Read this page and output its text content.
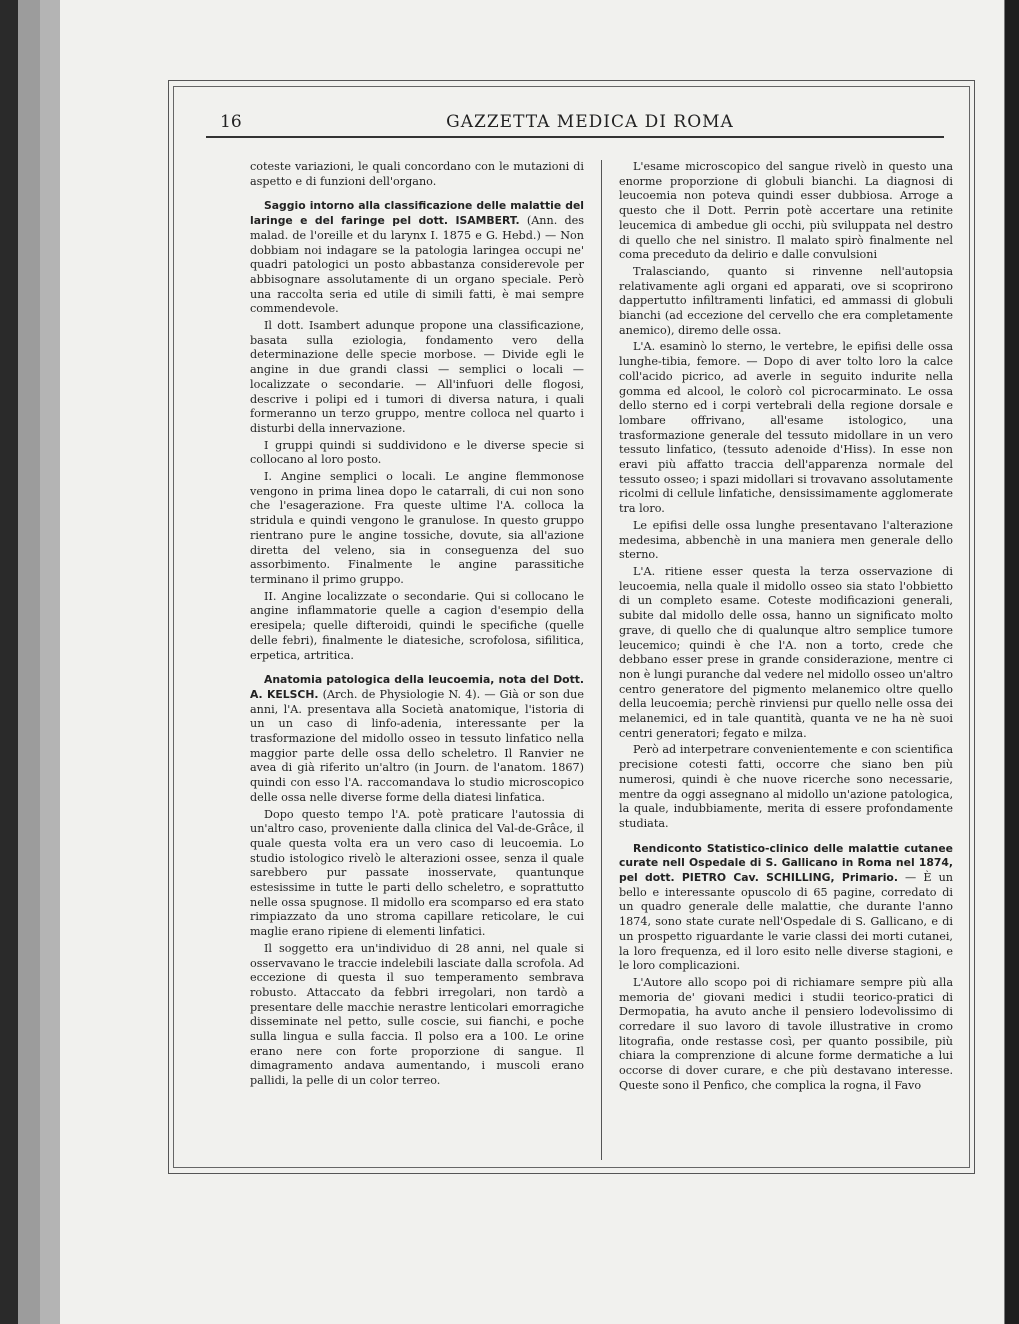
16	GAZZETTA MEDICA DI ROMA

coteste variazioni, le quali concordano con le mutazioni di aspetto e di funzioni dell'organo.

Saggio intorno alla classificazione delle malattie del laringe e del faringe pel dott. ISAMBERT. (Ann. des malad. de l'oreille et du larynx I. 1875 e G. Hebd.) — Non dobbiam noi indagare se la patologia laringea occupi ne' quadri patologici un posto abbastanza considerevole per abbisognare assolutamente di un organo speciale. Però una raccolta seria ed utile di simili fatti, è mai sempre commendevole.

Il dott. Isambert adunque propone una classificazione, basata sulla eziologia, fondamento vero della determinazione delle specie morbose. — Divide egli le angine in due grandi classi — semplici o locali — localizzate o secondarie. — All'infuori delle flogosi, descrive i polipi ed i tumori di diversa natura, i quali formeranno un terzo gruppo, mentre colloca nel quarto i disturbi della innervazione.

I gruppi quindi si suddividono e le diverse specie si collocano al loro posto.

I. Angine semplici o locali. Le angine flemmonose vengono in prima linea dopo le catarrali, di cui non sono che l'esagerazione. Fra queste ultime l'A. colloca la stridula e quindi vengono le granulose. In questo gruppo rientrano pure le angine tossiche, dovute, sia all'azione diretta del veleno, sia in conseguenza del suo assorbimento. Finalmente le angine parassitiche terminano il primo gruppo.

II. Angine localizzate o secondarie. Qui si collocano le angine inflammatorie quelle a cagion d'esempio della eresipela; quelle difteroidi, quindi le specifiche (quelle delle febri), finalmente le diatesiche, scrofolosa, sifilitica, erpetica, artritica.

Anatomia patologica della leucoemia, nota del Dott. A. KELSCH. (Arch. de Physiologie N. 4). — Già or son due anni, l'A. presentava alla Società anatomique, l'istoria di un un caso di linfo-adenia, interessante per la trasformazione del midollo osseo in tessuto linfatico nella maggior parte delle ossa dello scheletro. Il Ranvier ne avea di già riferito un'altro (in Journ. de l'anatom. 1867) quindi con esso l'A. raccomandava lo studio microscopico delle ossa nelle diverse forme della diatesi linfatica.

Dopo questo tempo l'A. potè praticare l'autossia di un'altro caso, proveniente dalla clinica del Val-de-Grâce, il quale questa volta era un vero caso di leucoemia. Lo studio istologico rivelò le alterazioni ossee, senza il quale sarebbero pur passate inosservate, quantunque estesissime in tutte le parti dello scheletro, e soprattutto nelle ossa spugnose. Il midollo era scomparso ed era stato rimpiazzato da uno stroma capillare reticolare, le cui maglie erano ripiene di elementi linfatici.

Il soggetto era un'individuo di 28 anni, nel quale si osservavano le traccie indelebili lasciate dalla scrofola. Ad eccezione di questa il suo temperamento sembrava robusto. Attaccato da febbri irregolari, non tardò a presentare delle macchie nerastre lenticolari emorragiche disseminate nel petto, sulle coscie, sui fianchi, e poche sulla lingua e sulla faccia. Il polso era a 100. Le orine erano nere con forte proporzione di sangue. Il dimagramento andava aumentando, i muscoli erano pallidi, la pelle di un color terreo.

L'esame microscopico del sangue rivelò in questo una enorme proporzione di globuli bianchi. La diagnosi di leucoemia non poteva quindi esser dubbiosa. Arroge a questo che il Dott. Perrin potè accertare una retinite leucemica di ambedue gli occhi, più sviluppata nel destro di quello che nel sinistro. Il malato spirò finalmente nel coma preceduto da delirio e dalle convulsioni

Tralasciando, quanto si rinvenne nell'autopsia relativamente agli organi ed apparati, ove si scoprirono dappertutto infiltramenti linfatici, ed ammassi di globuli bianchi (ad eccezione del cervello che era completamente anemico), diremo delle ossa.

L'A. esaminò lo sterno, le vertebre, le epifisi delle ossa lunghe-tibia, femore. — Dopo di aver tolto loro la calce coll'acido picrico, ad averle in seguito indurite nella gomma ed alcool, le colorò col picrocarminato. Le ossa dello sterno ed i corpi vertebrali della regione dorsale e lombare offrivano, all'esame istologico, una trasformazione generale del tessuto midollare in un vero tessuto linfatico, (tessuto adenoide d'Hiss). In esse non eravi più affatto traccia dell'apparenza normale del tessuto osseo; i spazi midollari si trovavano assolutamente ricolmi di cellule linfatiche, densissimamente agglomerate tra loro.

Le epifisi delle ossa lunghe presentavano l'alterazione medesima, abbenchè in una maniera men generale dello sterno.

L'A. ritiene esser questa la terza osservazione di leucoemia, nella quale il midollo osseo sia stato l'obbietto di un completo esame. Coteste modificazioni generali, subite dal midollo delle ossa, hanno un significato molto grave, di quello che di qualunque altro semplice tumore leucemico; quindi è che l'A. non a torto, crede che debbano esser prese in grande considerazione, mentre ci non è lungi puranche dal vedere nel midollo osseo un'altro centro generatore del pigmento melanemico oltre quello della leucoemia; perchè rinviensi pur quello nelle ossa dei melanemici, ed in tale quantità, quanta ve ne ha nè suoi centri generatori; fegato e milza.

Però ad interpetrare convenientemente e con scientifica precisione cotesti fatti, occorre che siano ben più numerosi, quindi è che nuove ricerche sono necessarie, mentre da oggi assegnano al midollo un'azione patologica, la quale, indubbiamente, merita di essere profondamente studiata.

Rendiconto Statistico-clinico delle malattie cutanee curate nell Ospedale di S. Gallicano in Roma nel 1874, pel dott. PIETRO Cav. SCHILLING, Primario. — È un bello e interessante opuscolo di 65 pagine, corredato di un quadro generale delle malattie, che durante l'anno 1874, sono state curate nell'Ospedale di S. Gallicano, e di un prospetto riguardante le varie classi dei morti cutanei, la loro frequenza, ed il loro esito nelle diverse stagioni, e le loro complicazioni.

L'Autore allo scopo poi di richiamare sempre più alla memoria de' giovani medici i studii teorico-pratici di Dermopatia, ha avuto anche il pensiero lodevolissimo di corredare il suo lavoro di tavole illustrative in cromo litografia, onde restasse così, per quanto possibile, più chiara la comprenzione di alcune forme dermatiche a lui occorse di dover curare, e che più destavano interesse. Queste sono il Penfico, che complica la rogna, il Favo
